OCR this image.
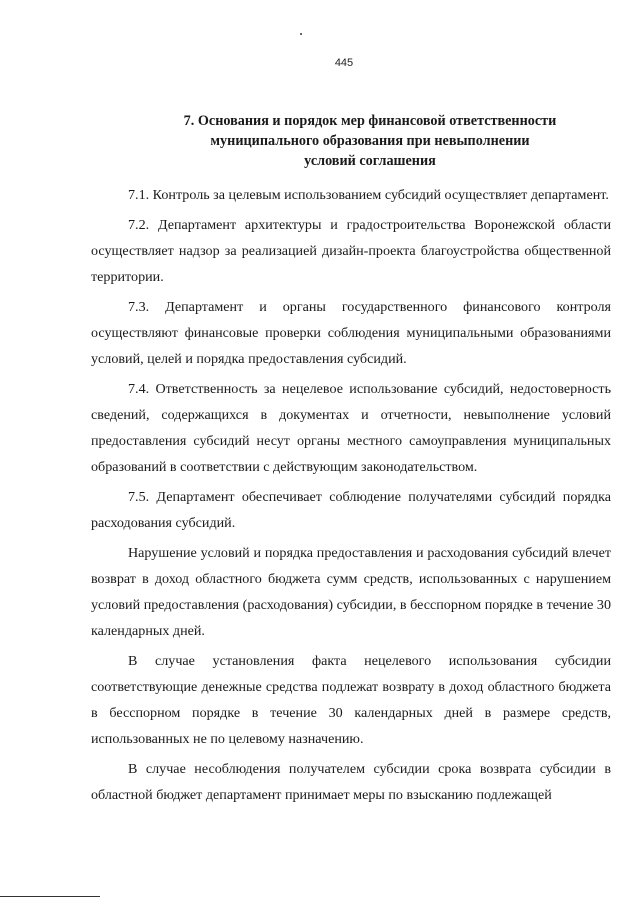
445
7. Основания и порядок мер финансовой ответственности
муниципального образования при невыполнении
условий соглашения

7.1. Контроль за целевым использованием субсидий осуществляет департамент.

7.2. Департамент архитектуры и градостроительства Воронежской области осуществляет надзор за реализацией дизайн-проекта благоустройства общественной территории.

7.3. Департамент и органы государственного финансового контроля осуществляют финансовые проверки соблюдения муниципальными образованиями условий, целей и порядка предоставления субсидий.

7.4. Ответственность за нецелевое использование субсидий, недостоверность сведений, содержащихся в документах и отчетности, невыполнение условий предоставления субсидий несут органы местного самоуправления муниципальных образований в соответствии с действующим законодательством.

7.5. Департамент обеспечивает соблюдение получателями субсидий порядка расходования субсидий.

Нарушение условий и порядка предоставления и расходования субсидий влечет возврат в доход областного бюджета сумм средств, использованных с нарушением условий предоставления (расходования) субсидии, в бесспорном порядке в течение 30 календарных дней.

В случае установления факта нецелевого использования субсидии соответствующие денежные средства подлежат возврату в доход областного бюджета в бесспорном порядке в течение 30 календарных дней в размере средств, использованных не по целевому назначению.

В случае несоблюдения получателем субсидии срока возврата субсидии в областной бюджет департамент принимает меры по взысканию подлежащей
